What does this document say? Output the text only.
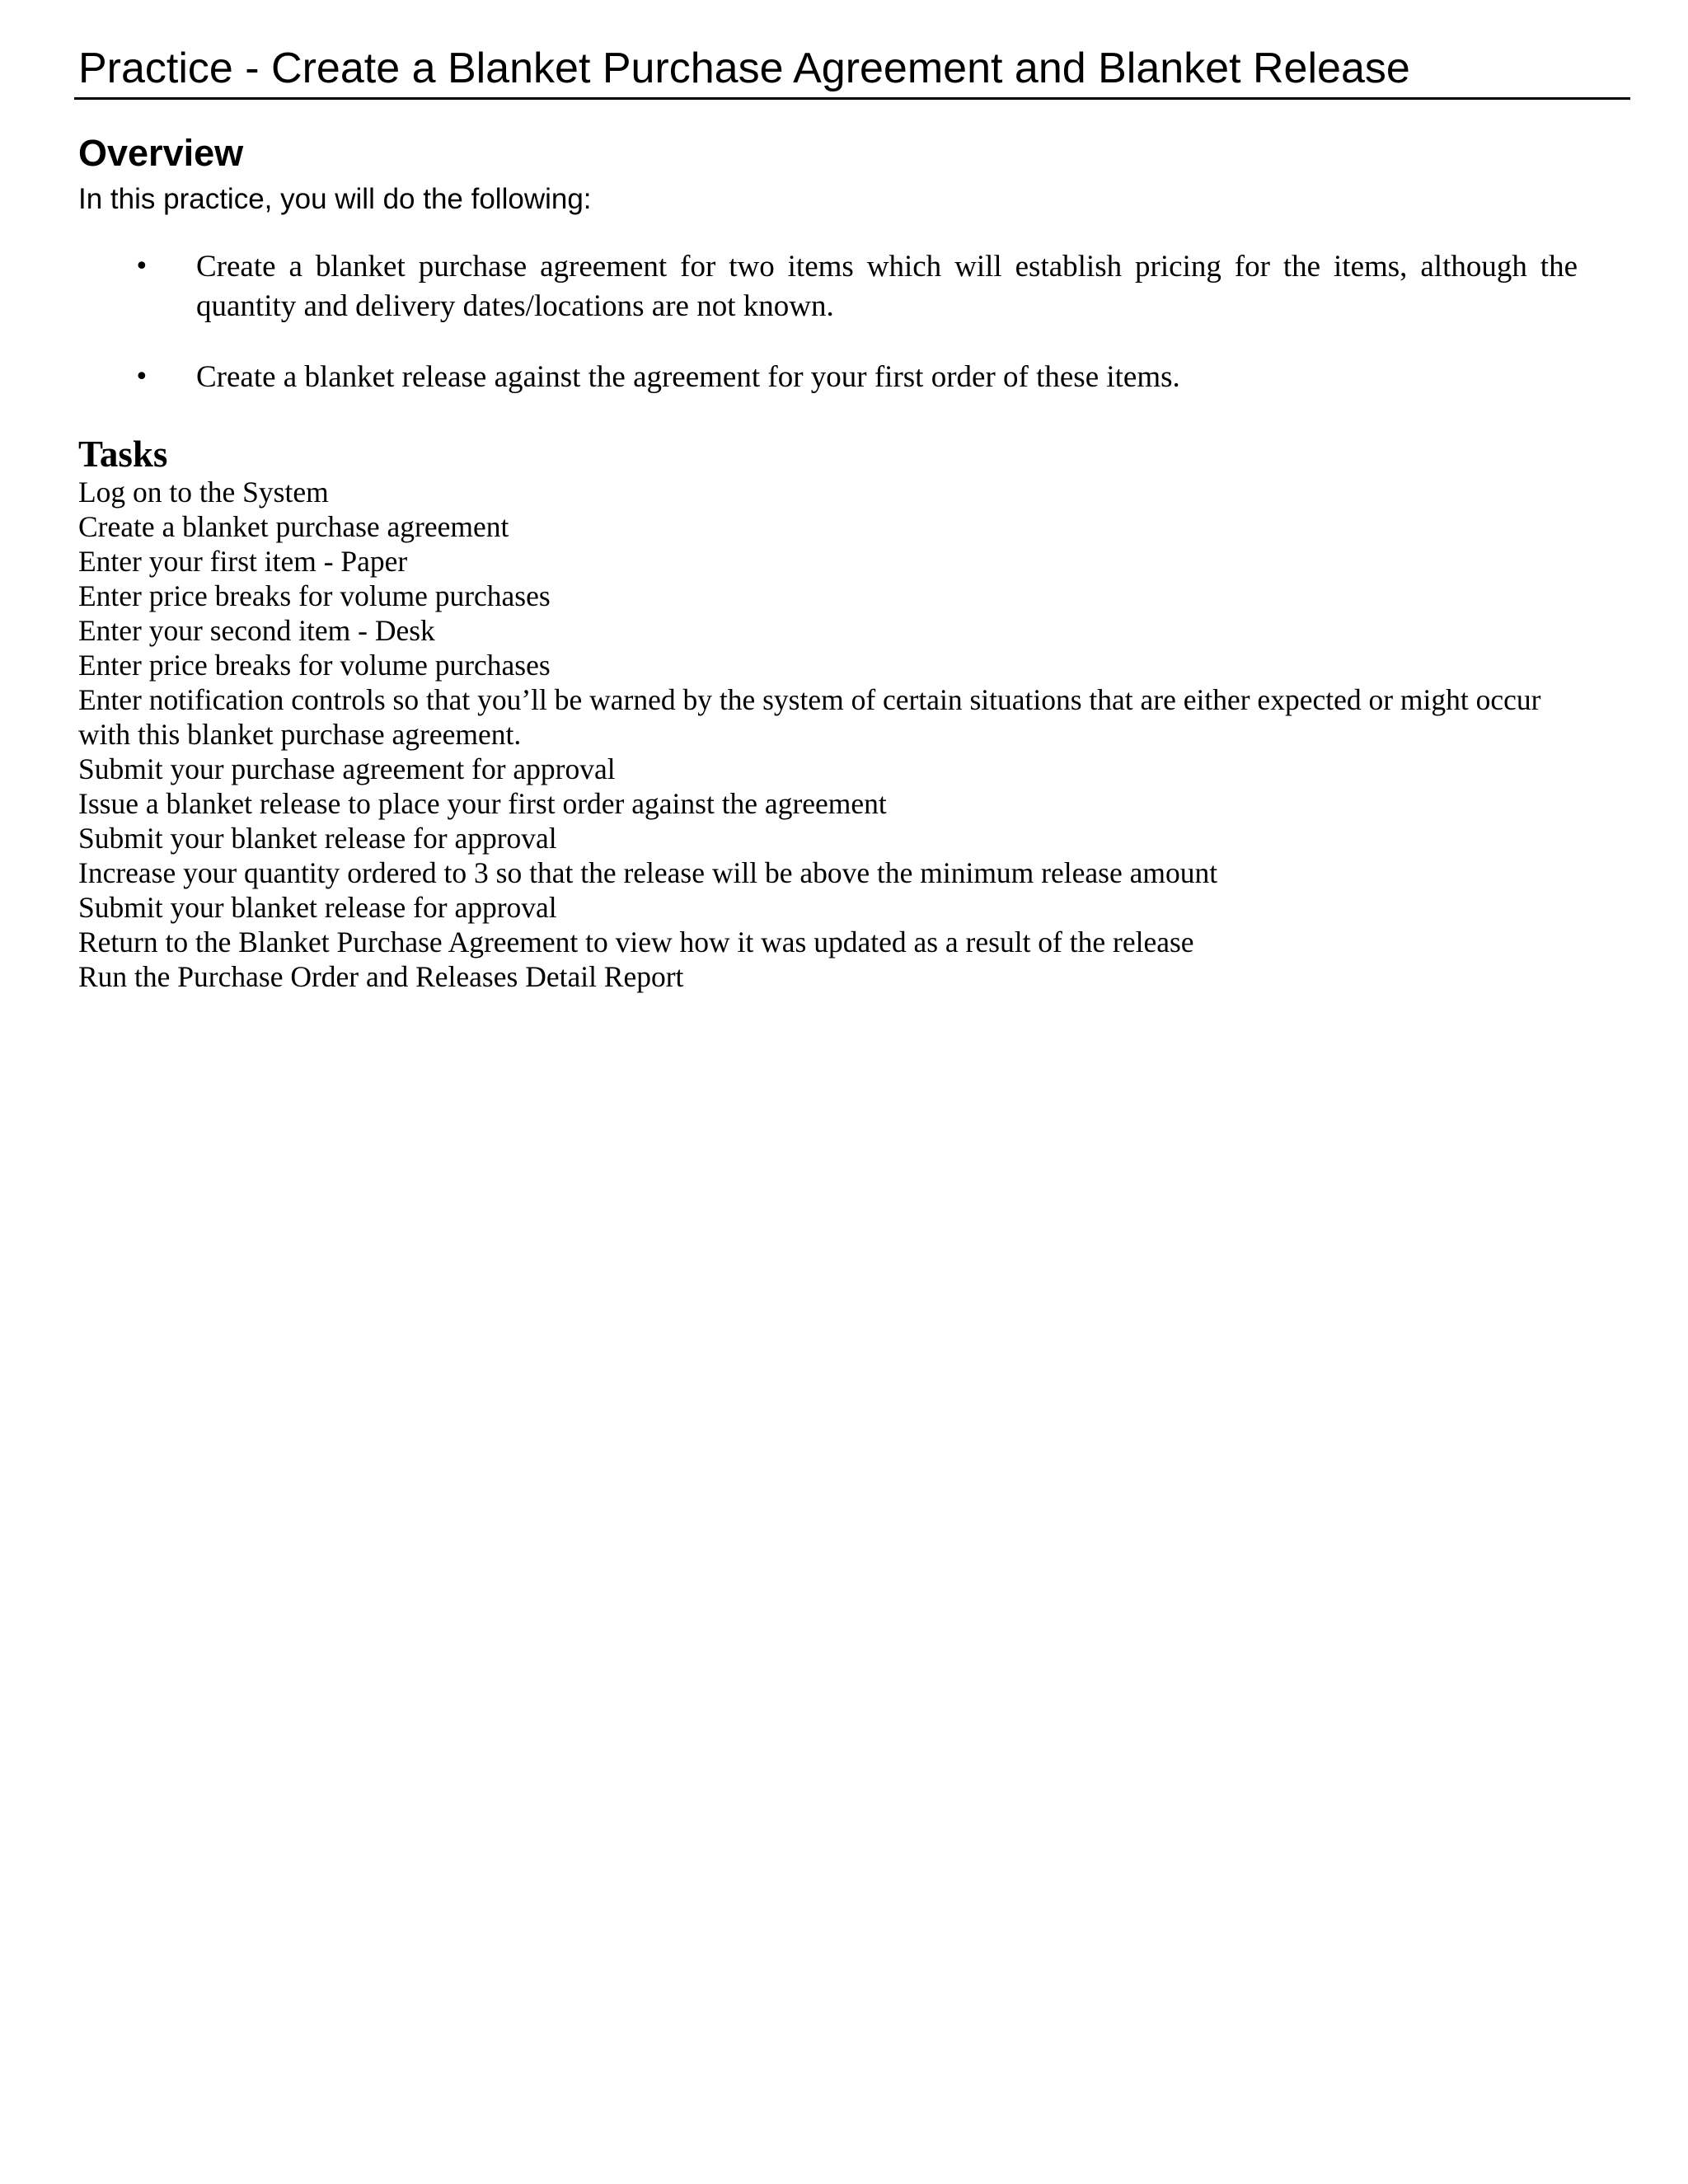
Practice - Create a Blanket Purchase Agreement and Blanket Release
Overview

In this practice, you will do the following:

•	Create a blanket purchase agreement for two items which will establish pricing for the items, although the quantity and delivery dates/locations are not known.
•	Create a blanket release against the agreement for your first order of these items.
Tasks
Log on to the System
Create a blanket purchase agreement
Enter your first item - Paper
Enter price breaks for volume purchases
Enter your second item - Desk
Enter price breaks for volume purchases
Enter notification controls so that you’ll be warned by the system of certain situations that are either expected or might occur with this blanket purchase agreement.
Submit your purchase agreement for approval
Issue a blanket release to place your first order against the agreement
Submit your blanket release for approval
Increase your quantity ordered to 3 so that the release will be above the minimum release amount
Submit your blanket release for approval
Return to the Blanket Purchase Agreement to view how it was updated as a result of the release
Run the Purchase Order and Releases Detail Report
